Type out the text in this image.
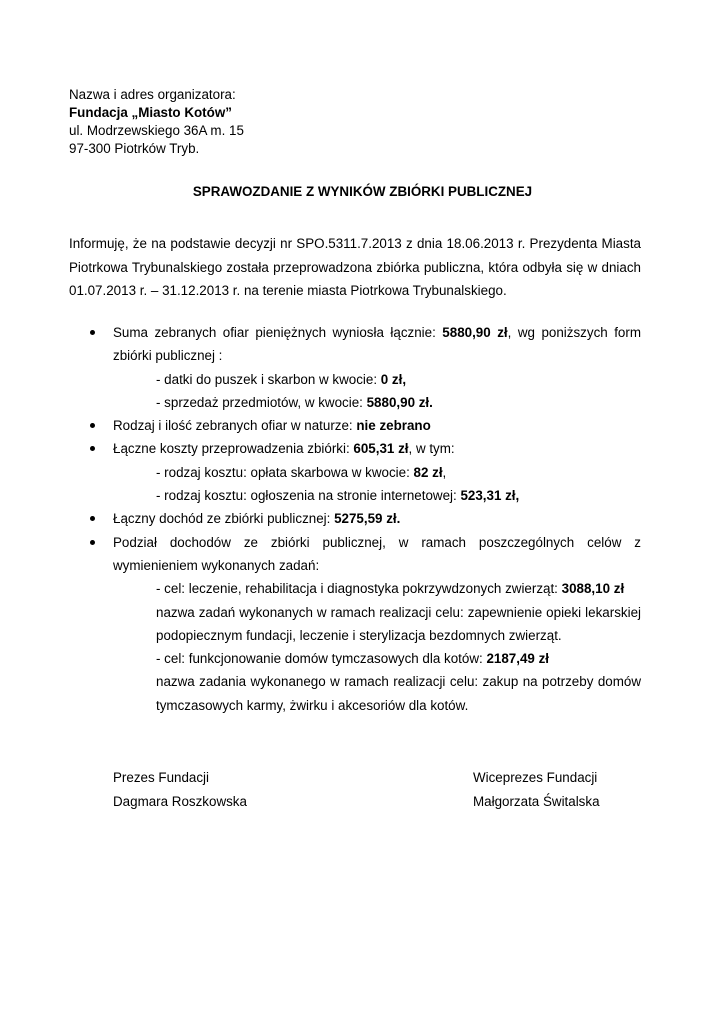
Nazwa i adres organizatora:
Fundacja „Miasto Kotów”
ul. Modrzewskiego 36A m. 15
97-300 Piotrków Tryb.
SPRAWOZDANIE Z WYNIKÓW ZBIÓRKI PUBLICZNEJ
Informuję, że na podstawie decyzji nr SPO.5311.7.2013 z dnia 18.06.2013 r. Prezydenta Miasta
Piotrkowa Trybunalskiego została przeprowadzona zbiórka publiczna, która odbyła się w dniach
01.07.2013 r. – 31.12.2013 r. na terenie miasta Piotrkowa Trybunalskiego.
Suma zebranych ofiar pieniężnych wyniosła łącznie: 5880,90 zł, wg poniższych form
zbiórki publicznej :
- datki do puszek i skarbon w kwocie: 0 zł,
- sprzedaż przedmiotów, w kwocie: 5880,90 zł.
Rodzaj i ilość zebranych ofiar w naturze: nie zebrano
Łączne koszty przeprowadzenia zbiórki: 605,31 zł, w tym:
- rodzaj kosztu: opłata skarbowa w kwocie: 82 zł,
- rodzaj kosztu: ogłoszenia na stronie internetowej: 523,31 zł,
Łączny dochód ze zbiórki publicznej: 5275,59 zł.
Podział dochodów ze zbiórki publicznej, w ramach poszczególnych celów z
wymienieniem wykonanych zadań:
- cel: leczenie, rehabilitacja i diagnostyka pokrzywdzonych zwierząt: 3088,10 zł
nazwa zadań wykonanych w ramach realizacji celu: zapewnienie opieki lekarskiej
podopiecznym fundacji, leczenie i sterylizacja bezdomnych zwierząt.
- cel: funkcjonowanie domów tymczasowych dla kotów: 2187,49 zł
nazwa zadania wykonanego w ramach realizacji celu: zakup na potrzeby domów
tymczasowych karmy, żwirku i akcesoriów dla kotów.
Prezes Fundacji
Dagmara Roszkowska
Wiceprezes Fundacji
Małgorzata Świtalska
